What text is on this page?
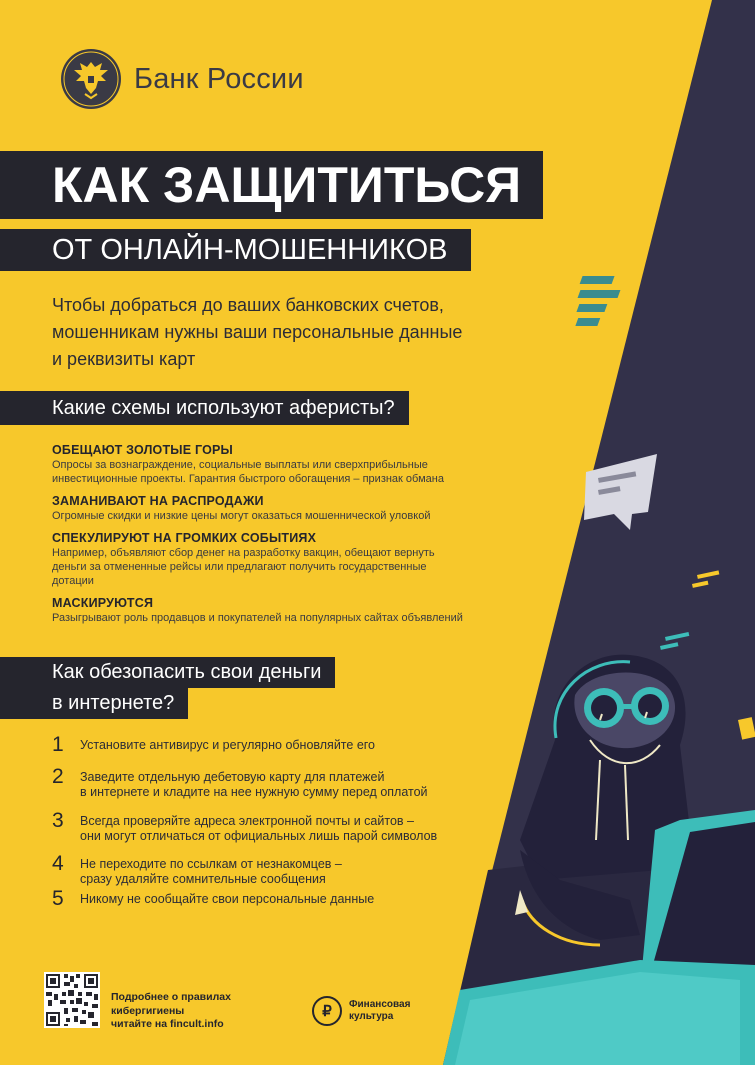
Банк России
КАК ЗАЩИТИТЬСЯ
ОТ ОНЛАЙН-МОШЕННИКОВ
Чтобы добраться до ваших банковских счетов,
мошенникам нужны ваши персональные данные
и реквизиты карт
Какие схемы используют аферисты?
ОБЕЩАЮТ ЗОЛОТЫЕ ГОРЫ
Опросы за вознаграждение, социальные выплаты или сверхприбыльные
инвестиционные проекты. Гарантия быстрого обогащения – признак обмана
ЗАМАНИВАЮТ НА РАСПРОДАЖИ
Огромные скидки и низкие цены могут оказаться мошеннической уловкой
СПЕКУЛИРУЮТ НА ГРОМКИХ СОБЫТИЯХ
Например, объявляют сбор денег на разработку вакцин, обещают вернуть
деньги за отмененные рейсы или предлагают получить государственные
дотации
МАСКИРУЮТСЯ
Разыгрывают роль продавцов и покупателей на популярных сайтах объявлений
Как обезопасить свои деньги
в интернете?
1	Установите антивирус и регулярно обновляйте его
2	Заведите отдельную дебетовую карту для платежей
в интернете и кладите на нее нужную сумму перед оплатой
3	Всегда проверяйте адреса электронной почты и сайтов –
они могут отличаться от официальных лишь парой символов
4	Не переходите по ссылкам от незнакомцев –
сразу удаляйте сомнительные сообщения
5	Никому не сообщайте свои персональные данные
Подробнее о правилах
кибергигиены
читайте на fincult.info
₽	Финансовая
культура
